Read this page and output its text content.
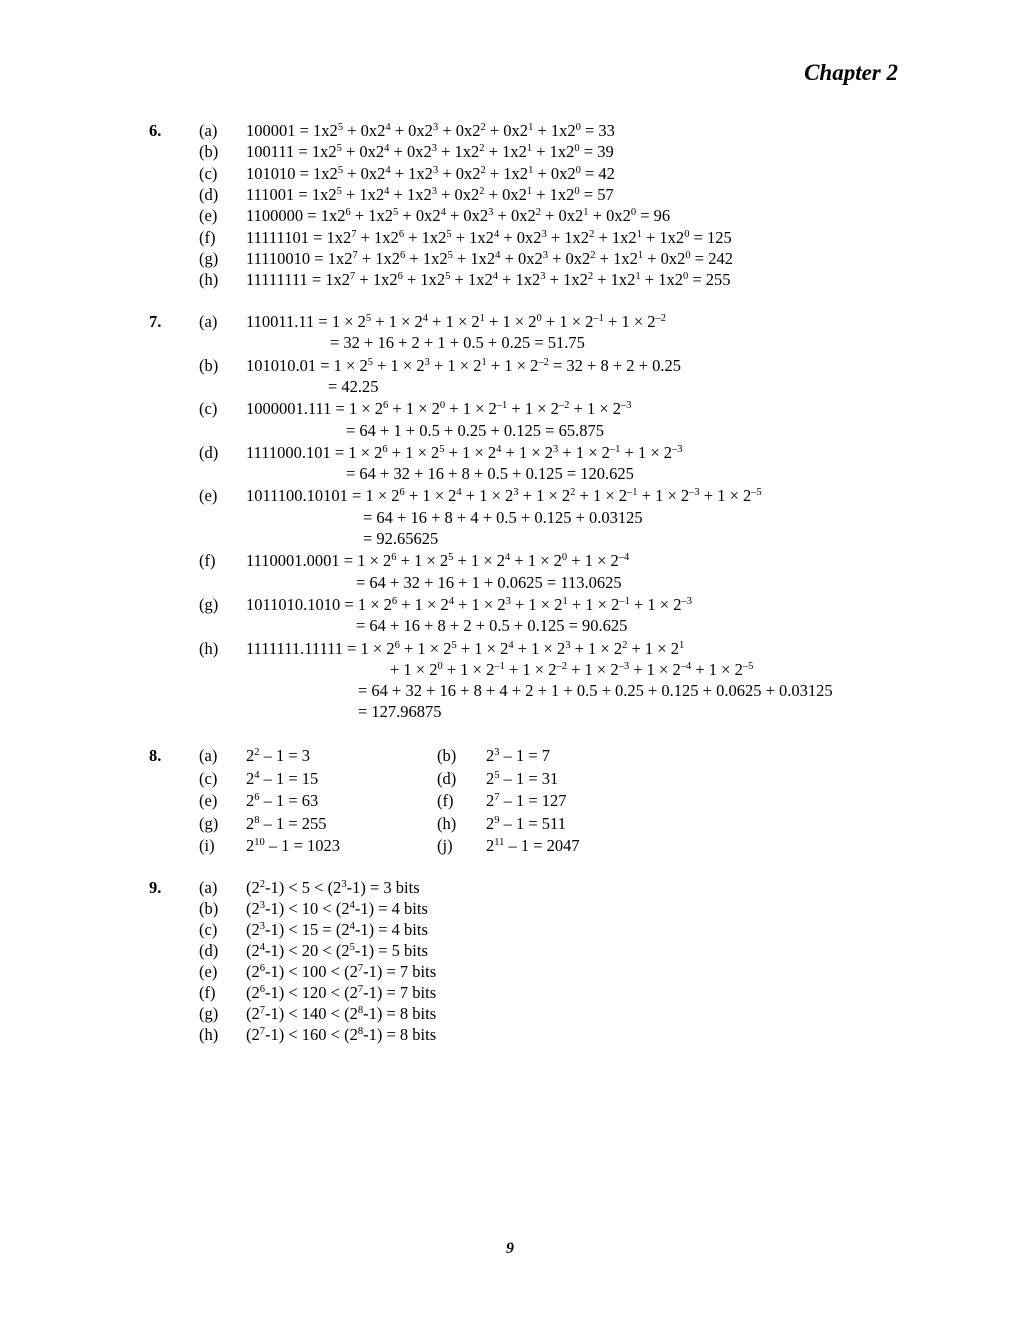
Chapter 2
6. (a) $100001 = 1x2^5 + 0x2^4 + 0x2^3 + 0x2^2 + 0x2^1 + 1x2^0 = 33$
(b) $100111 = 1x2^5 + 0x2^4 + 0x2^3 + 1x2^2 + 1x2^1 + 1x2^0 = 39$
(c) $101010 = 1x2^5 + 0x2^4 + 1x2^3 + 0x2^2 + 1x2^1 + 0x2^0 = 42$
(d) $111001 = 1x2^5 + 1x2^4 + 1x2^3 + 0x2^2 + 0x2^1 + 1x2^0 = 57$
(e) $1100000 = 1x2^6 + 1x2^5 + 0x2^4 + 0x2^3 + 0x2^2 + 0x2^1 + 0x2^0 = 96$
(f) $11111101 = 1x2^7 + 1x2^6 + 1x2^5 + 1x2^4 + 0x2^3 + 1x2^2 + 1x2^1 + 1x2^0 = 125$
(g) $11110010 = 1x2^7 + 1x2^6 + 1x2^5 + 1x2^4 + 0x2^3 + 0x2^2 + 1x2^1 + 0x2^0 = 242$
(h) $11111111 = 1x2^7 + 1x2^6 + 1x2^5 + 1x2^4 + 1x2^3 + 1x2^2 + 1x2^1 + 1x2^0 = 255$
7. (a) $110011.11 = 1 \times 2^5 + 1 \times 2^4 + 1 \times 2^1 + 1 \times 2^0 + 1 \times 2^{-1} + 1 \times 2^{-2}$
= 32 + 16 + 2 + 1 + 0.5 + 0.25 = 51.75
(b) $101010.01 = 1 \times 2^5 + 1 \times 2^3 + 1 \times 2^1 + 1 \times 2^{-2} = 32 + 8 + 2 + 0.25$
= 42.25
(c) $1000001.111 = 1 \times 2^6 + 1 \times 2^0 + 1 \times 2^{-1} + 1 \times 2^{-2} + 1 \times 2^{-3}$
= 64 + 1 + 0.5 + 0.25 + 0.125 = 65.875
(d) $1111000.101 = 1 \times 2^6 + 1 \times 2^5 + 1 \times 2^4 + 1 \times 2^3 + 1 \times 2^{-1} + 1 \times 2^{-3}$
= 64 + 32 + 16 + 8 + 0.5 + 0.125 = 120.625
(e) $1011100.10101 = 1 \times 2^6 + 1 \times 2^4 + 1 \times 2^3 + 1 \times 2^2 + 1 \times 2^{-1} + 1 \times 2^{-3} + 1 \times 2^{-5}$
= 64 + 16 + 8 + 4 + 0.5 + 0.125 + 0.03125
= 92.65625
(f) $1110001.0001 = 1 \times 2^6 + 1 \times 2^5 + 1 \times 2^4 + 1 \times 2^0 + 1 \times 2^{-4}$
= 64 + 32 + 16 + 1 + 0.0625 = 113.0625
(g) $1011010.1010 = 1 \times 2^6 + 1 \times 2^4 + 1 \times 2^3 + 1 \times 2^1 + 1 \times 2^{-1} + 1 \times 2^{-3}$
= 64 + 16 + 8 + 2 + 0.5 + 0.125 = 90.625
(h) $1111111.11111 = 1 \times 2^6 + 1 \times 2^5 + 1 \times 2^4 + 1 \times 2^3 + 1 \times 2^2 + 1 \times 2^1$
+ $1 \times 2^0 + 1 \times 2^{-1} + 1 \times 2^{-2} + 1 \times 2^{-3} + 1 \times 2^{-4} + 1 \times 2^{-5}$
= 64 + 32 + 16 + 8 + 4 + 2 + 1 + 0.5 + 0.25 + 0.125 + 0.0625 + 0.03125
= 127.96875
8. (a) $2^2 - 1 = 3$	(b) $2^3 - 1 = 7$
(c) $2^4 - 1 = 15$	(d) $2^5 - 1 = 31$
(e) $2^6 - 1 = 63$	(f) $2^7 - 1 = 127$
(g) $2^8 - 1 = 255$	(h) $2^9 - 1 = 511$
(i) $2^{10} - 1 = 1023$	(j) $2^{11} - 1 = 2047$
9. (a) $(2^2-1) < 5 < (2^3-1) = 3$ bits
(b) $(2^3-1) < 10 < (2^4-1) = 4$ bits
(c) $(2^3-1) < 15 = (2^4-1) = 4$ bits
(d) $(2^4-1) < 20 < (2^5-1) = 5$ bits
(e) $(2^6-1) < 100 < (2^7-1) = 7$ bits
(f) $(2^6-1) < 120 < (2^7-1) = 7$ bits
(g) $(2^7-1) < 140 < (2^8-1) = 8$ bits
(h) $(2^7-1) < 160 < (2^8-1) = 8$ bits
9
